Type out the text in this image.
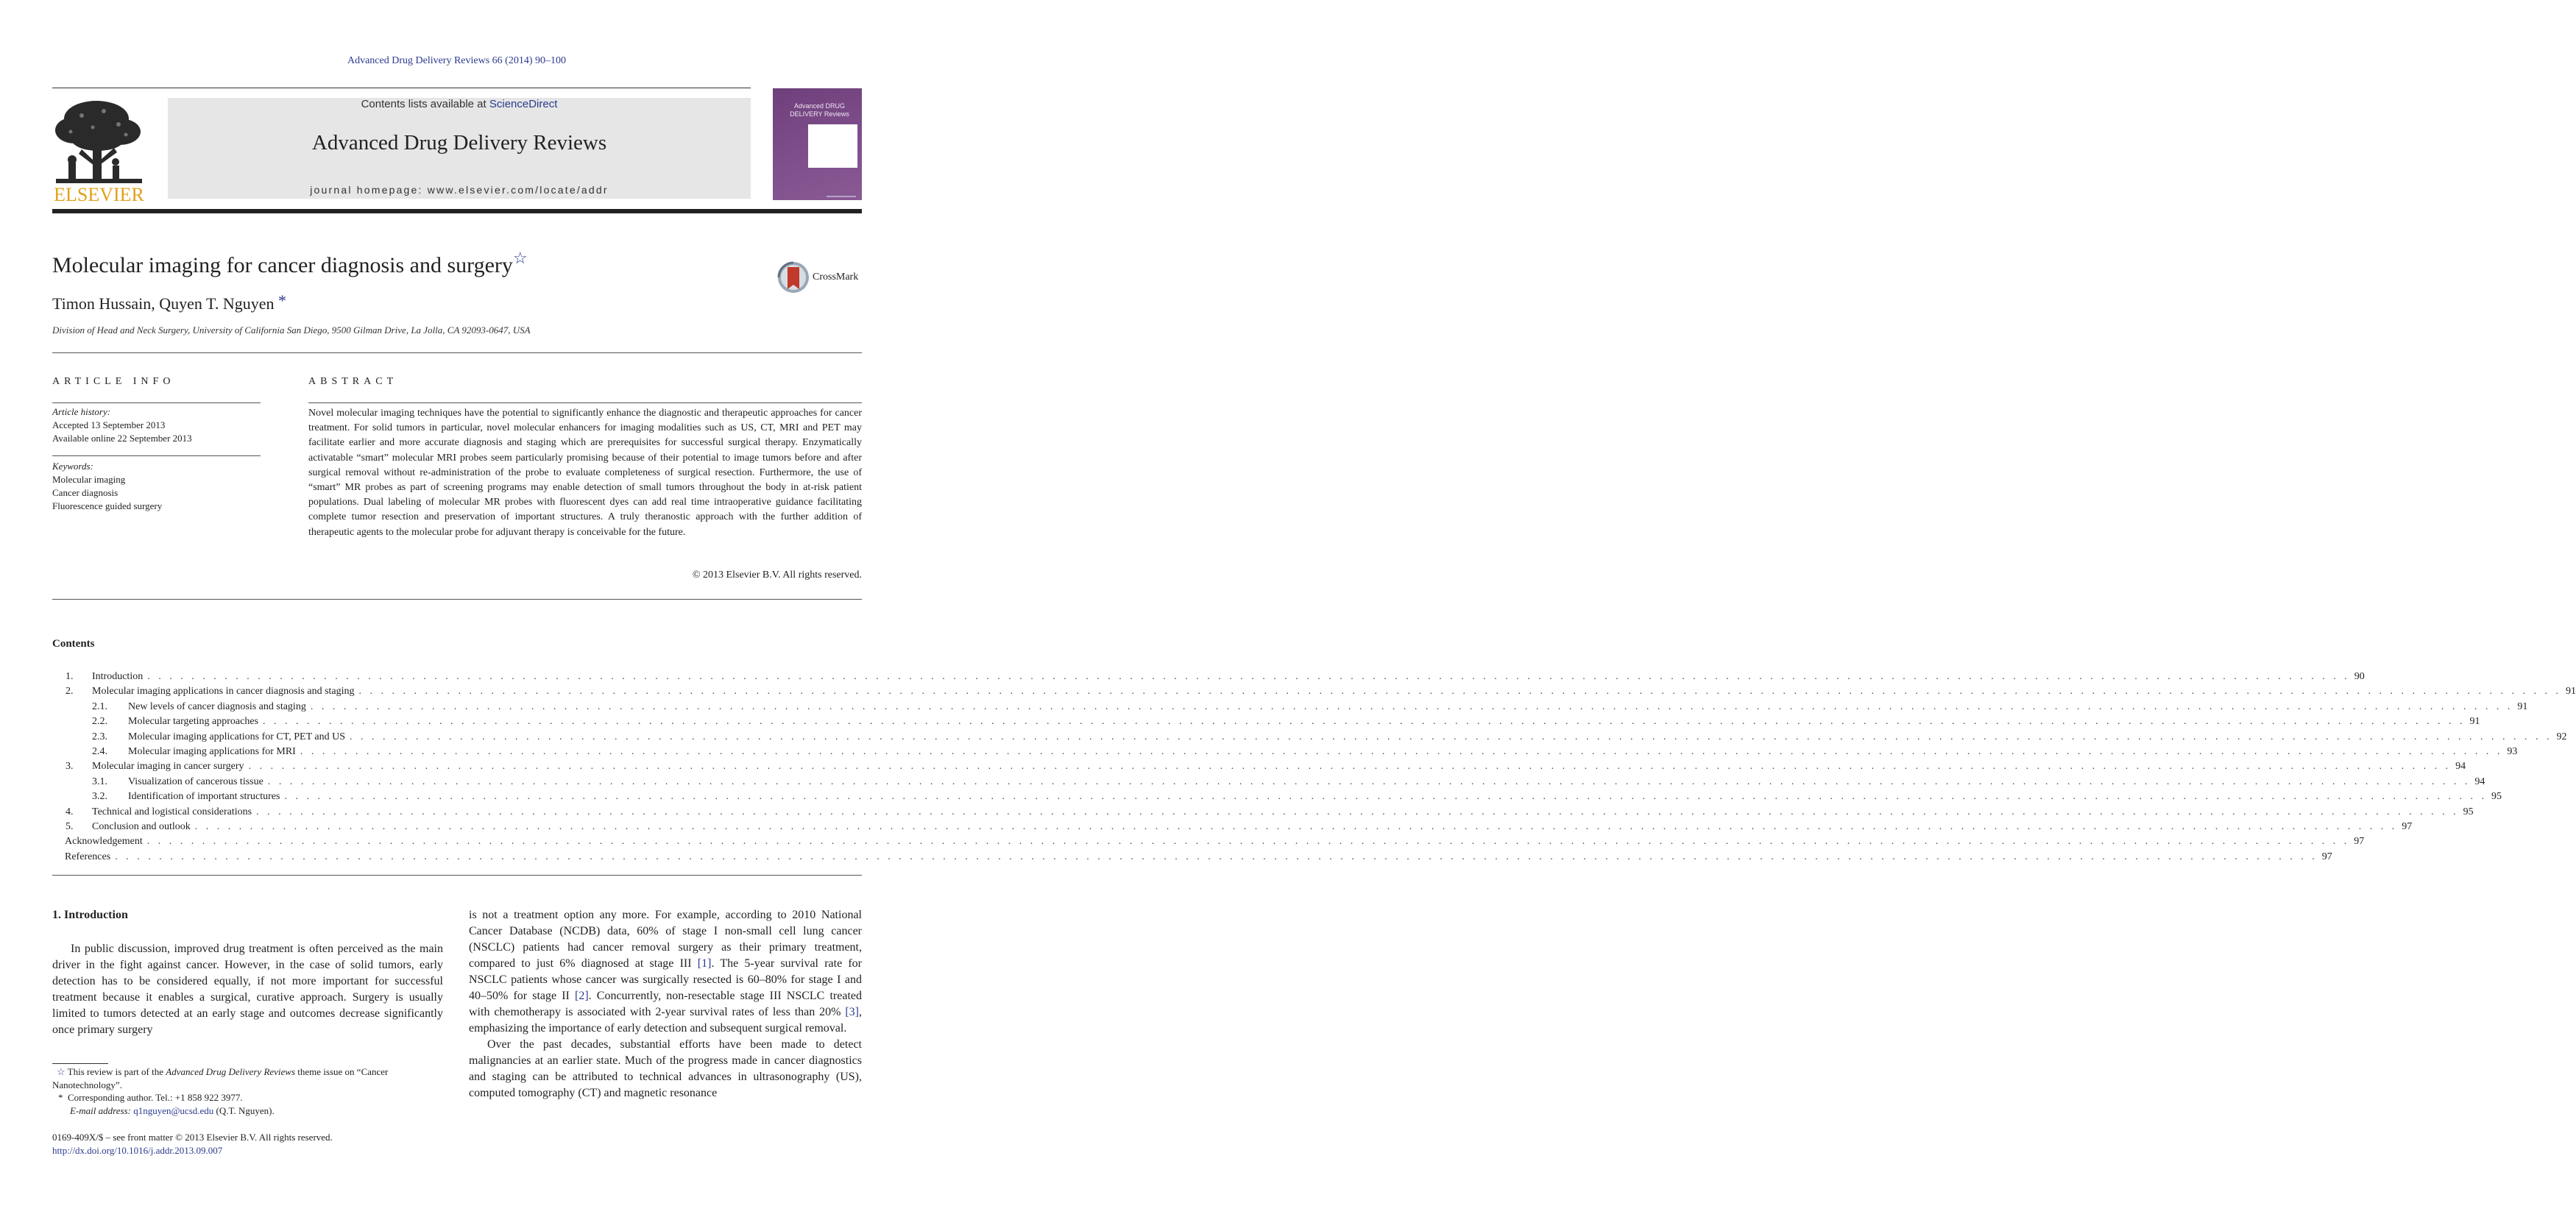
Advanced Drug Delivery Reviews 66 (2014) 90–100
ELSEVIER
Contents lists available at ScienceDirect
Advanced Drug Delivery Reviews
journal homepage: www.elsevier.com/locate/addr
Advanced DRUG DELIVERY Reviews
Molecular imaging for cancer diagnosis and surgery☆
Timon Hussain, Quyen T. Nguyen *
Division of Head and Neck Surgery, University of California San Diego, 9500 Gilman Drive, La Jolla, CA 92093-0647, USA
CrossMark
ARTICLE INFO	ABSTRACT
Article history:
Accepted 13 September 2013
Available online 22 September 2013
Keywords:
Molecular imaging
Cancer diagnosis
Fluorescence guided surgery
Novel molecular imaging techniques have the potential to significantly enhance the diagnostic and therapeutic approaches for cancer treatment. For solid tumors in particular, novel molecular enhancers for imaging modalities such as US, CT, MRI and PET may facilitate earlier and more accurate diagnosis and staging which are prerequisites for successful surgical therapy. Enzymatically activatable “smart” molecular MRI probes seem particularly promising because of their potential to image tumors before and after surgical removal without re-administration of the probe to evaluate completeness of surgical resection. Furthermore, the use of “smart” MR probes as part of screening programs may enable detection of small tumors throughout the body in at-risk patient populations. Dual labeling of molecular MR probes with fluorescent dyes can add real time intraoperative guidance facilitating complete tumor resection and preservation of important structures. A truly theranostic approach with the further addition of therapeutic agents to the molecular probe for adjuvant therapy is conceivable for the future.
© 2013 Elsevier B.V. All rights reserved.
Contents
1.	Introduction . . . . . . . . . . . . . . . . . . . . . . . . . . . . . . . . . . . . . . . . . . . . . . . . . . . . . . . . . . . . . . . . . . . . . . . . . . . . . . . . . . . . . . . . . . . . . . . . . . . . . . . . . . . . . . . . . . . . . . . . . . . . . . . . . . . . . . . . . . . . . . . . . . . . . . . . . . . . . . . . . . . . . . . . . . . . . . . . . . . . . . . . . . . . . . . . . . . . . . . . 90
2.	Molecular imaging applications in cancer diagnosis and staging . . . . . . . . . . . . . . . . . . . . . . . . . . . . . . . . . . . . . . . . . . . . . . . . . . . . . . . . . . . . . . . . . . . . . . . . . . . . . . . . . . . . . . . . . . . . . . . . . . . . . . . . . . . . . . . . . . . . . . . . . . . . . . . . . . . . . . . . . . . . . . . . . . . . . . . . . . . . . . . . . . . . . . . . . . . . . . . . . . . . . . . . . . . . . . . . . . . . . . . . 91
2.1.	New levels of cancer diagnosis and staging . . . . . . . . . . . . . . . . . . . . . . . . . . . . . . . . . . . . . . . . . . . . . . . . . . . . . . . . . . . . . . . . . . . . . . . . . . . . . . . . . . . . . . . . . . . . . . . . . . . . . . . . . . . . . . . . . . . . . . . . . . . . . . . . . . . . . . . . . . . . . . . . . . . . . . . . . . . . . . . . . . . . . . . . . . . . . . . . . . . . . . . . . . . . . . . . . . . . . . . . 91
2.2.	Molecular targeting approaches . . . . . . . . . . . . . . . . . . . . . . . . . . . . . . . . . . . . . . . . . . . . . . . . . . . . . . . . . . . . . . . . . . . . . . . . . . . . . . . . . . . . . . . . . . . . . . . . . . . . . . . . . . . . . . . . . . . . . . . . . . . . . . . . . . . . . . . . . . . . . . . . . . . . . . . . . . . . . . . . . . . . . . . . . . . . . . . . . . . . . . . . . . . . . . . . . . . . . . . . 91
2.3.	Molecular imaging applications for CT, PET and US . . . . . . . . . . . . . . . . . . . . . . . . . . . . . . . . . . . . . . . . . . . . . . . . . . . . . . . . . . . . . . . . . . . . . . . . . . . . . . . . . . . . . . . . . . . . . . . . . . . . . . . . . . . . . . . . . . . . . . . . . . . . . . . . . . . . . . . . . . . . . . . . . . . . . . . . . . . . . . . . . . . . . . . . . . . . . . . . . . . . . . . . . . . . . . . . . . . . . . . . 92
2.4.	Molecular imaging applications for MRI . . . . . . . . . . . . . . . . . . . . . . . . . . . . . . . . . . . . . . . . . . . . . . . . . . . . . . . . . . . . . . . . . . . . . . . . . . . . . . . . . . . . . . . . . . . . . . . . . . . . . . . . . . . . . . . . . . . . . . . . . . . . . . . . . . . . . . . . . . . . . . . . . . . . . . . . . . . . . . . . . . . . . . . . . . . . . . . . . . . . . . . . . . . . . . . . . . . . . . . . 93
3.	Molecular imaging in cancer surgery . . . . . . . . . . . . . . . . . . . . . . . . . . . . . . . . . . . . . . . . . . . . . . . . . . . . . . . . . . . . . . . . . . . . . . . . . . . . . . . . . . . . . . . . . . . . . . . . . . . . . . . . . . . . . . . . . . . . . . . . . . . . . . . . . . . . . . . . . . . . . . . . . . . . . . . . . . . . . . . . . . . . . . . . . . . . . . . . . . . . . . . . . . . . . . . . . . . . . . . . 94
3.1.	Visualization of cancerous tissue . . . . . . . . . . . . . . . . . . . . . . . . . . . . . . . . . . . . . . . . . . . . . . . . . . . . . . . . . . . . . . . . . . . . . . . . . . . . . . . . . . . . . . . . . . . . . . . . . . . . . . . . . . . . . . . . . . . . . . . . . . . . . . . . . . . . . . . . . . . . . . . . . . . . . . . . . . . . . . . . . . . . . . . . . . . . . . . . . . . . . . . . . . . . . . . . . . . . . . . . 94
3.2.	Identification of important structures . . . . . . . . . . . . . . . . . . . . . . . . . . . . . . . . . . . . . . . . . . . . . . . . . . . . . . . . . . . . . . . . . . . . . . . . . . . . . . . . . . . . . . . . . . . . . . . . . . . . . . . . . . . . . . . . . . . . . . . . . . . . . . . . . . . . . . . . . . . . . . . . . . . . . . . . . . . . . . . . . . . . . . . . . . . . . . . . . . . . . . . . . . . . . . . . . . . . . . . . 95
4.	Technical and logistical considerations . . . . . . . . . . . . . . . . . . . . . . . . . . . . . . . . . . . . . . . . . . . . . . . . . . . . . . . . . . . . . . . . . . . . . . . . . . . . . . . . . . . . . . . . . . . . . . . . . . . . . . . . . . . . . . . . . . . . . . . . . . . . . . . . . . . . . . . . . . . . . . . . . . . . . . . . . . . . . . . . . . . . . . . . . . . . . . . . . . . . . . . . . . . . . . . . . . . . . . . . 95
5.	Conclusion and outlook . . . . . . . . . . . . . . . . . . . . . . . . . . . . . . . . . . . . . . . . . . . . . . . . . . . . . . . . . . . . . . . . . . . . . . . . . . . . . . . . . . . . . . . . . . . . . . . . . . . . . . . . . . . . . . . . . . . . . . . . . . . . . . . . . . . . . . . . . . . . . . . . . . . . . . . . . . . . . . . . . . . . . . . . . . . . . . . . . . . . . . . . . . . . . . . . . . . . . . . . 97
Acknowledgement . . . . . . . . . . . . . . . . . . . . . . . . . . . . . . . . . . . . . . . . . . . . . . . . . . . . . . . . . . . . . . . . . . . . . . . . . . . . . . . . . . . . . . . . . . . . . . . . . . . . . . . . . . . . . . . . . . . . . . . . . . . . . . . . . . . . . . . . . . . . . . . . . . . . . . . . . . . . . . . . . . . . . . . . . . . . . . . . . . . . . . . . . . . . . . . . . . . . . . . . 97
References . . . . . . . . . . . . . . . . . . . . . . . . . . . . . . . . . . . . . . . . . . . . . . . . . . . . . . . . . . . . . . . . . . . . . . . . . . . . . . . . . . . . . . . . . . . . . . . . . . . . . . . . . . . . . . . . . . . . . . . . . . . . . . . . . . . . . . . . . . . . . . . . . . . . . . . . . . . . . . . . . . . . . . . . . . . . . . . . . . . . . . . . . . . . . . . . . . . . . . . . 97
1. Introduction

In public discussion, improved drug treatment is often perceived as the main driver in the fight against cancer. However, in the case of solid tumors, early detection has to be considered equally, if not more important for successful treatment because it enables a surgical, curative approach. Surgery is usually limited to tumors detected at an early stage and outcomes decrease significantly once primary surgery

is not a treatment option any more. For example, according to 2010 National Cancer Database (NCDB) data, 60% of stage I non-small cell lung cancer (NSCLC) patients had cancer removal surgery as their primary treatment, compared to just 6% diagnosed at stage III [1]. The 5-year survival rate for NSCLC patients whose cancer was surgically resected is 60–80% for stage I and 40–50% for stage II [2]. Concurrently, non-resectable stage III NSCLC treated with chemotherapy is associated with 2-year survival rates of less than 20% [3], emphasizing the importance of early detection and subsequent surgical removal.

Over the past decades, substantial efforts have been made to detect malignancies at an earlier state. Much of the progress made in cancer diagnostics and staging can be attributed to technical advances in ultrasonography (US), computed tomography (CT) and magnetic resonance

☆ This review is part of the Advanced Drug Delivery Reviews theme issue on “Cancer Nanotechnology”.
* Corresponding author. Tel.: +1 858 922 3977.
E-mail address: q1nguyen@ucsd.edu (Q.T. Nguyen).
0169-409X/$ – see front matter © 2013 Elsevier B.V. All rights reserved.
http://dx.doi.org/10.1016/j.addr.2013.09.007
